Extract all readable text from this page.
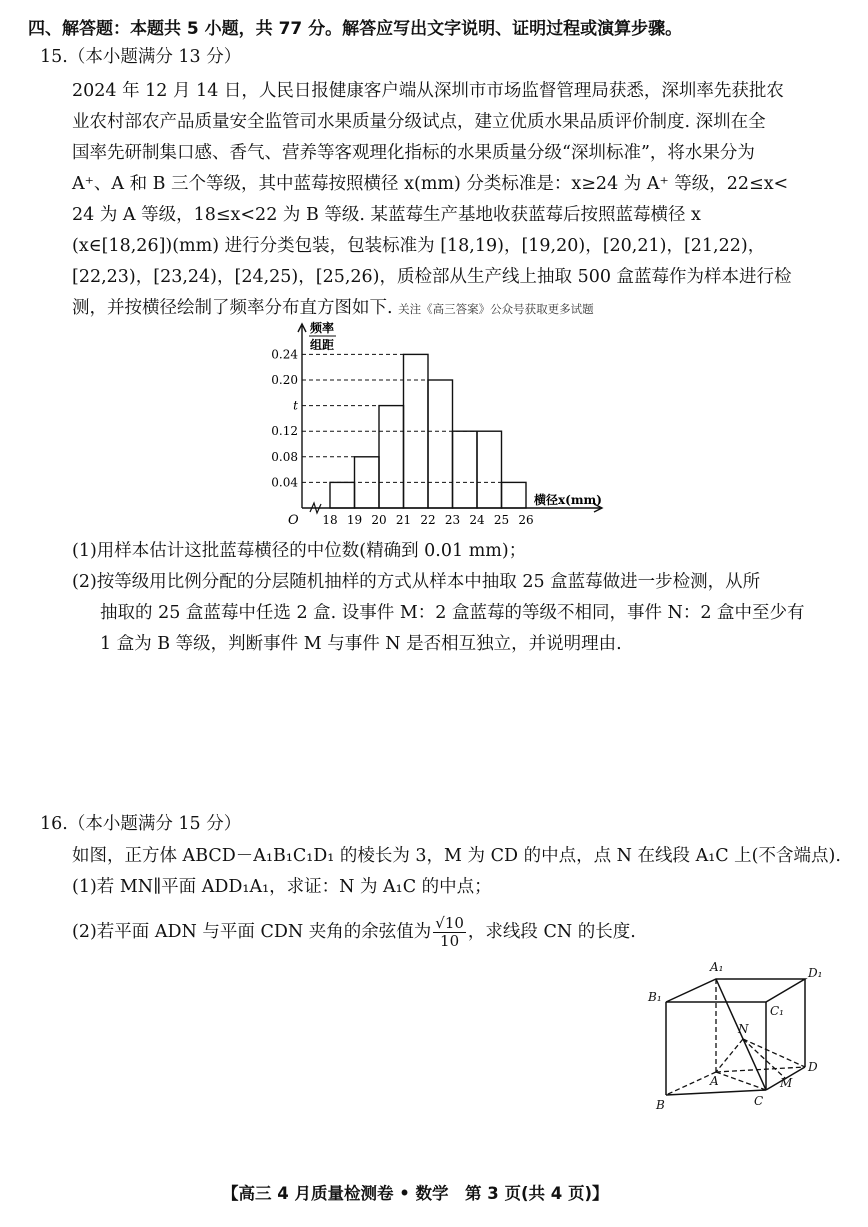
四、解答题：本题共 5 小题，共 77 分。解答应写出文字说明、证明过程或演算步骤。
15.（本小题满分 13 分）
2024 年 12 月 14 日，人民日报健康客户端从深圳市市场监督管理局获悉，深圳率先获批农
业农村部农产品质量安全监管司水果质量分级试点，建立优质水果品质评价制度. 深圳在全
国率先研制集口感、香气、营养等客观理化指标的水果质量分级“深圳标准”，将水果分为
A⁺、A 和 B 三个等级，其中蓝莓按照横径 x(mm) 分类标准是：x≥24 为 A⁺ 等级，22≤x<
24 为 A 等级，18≤x<22 为 B 等级. 某蓝莓生产基地收获蓝莓后按照蓝莓横径 x
(x∈[18,26])(mm) 进行分类包装，包装标准为 [18,19)，[19,20)，[20,21)，[21,22)，
[22,23)，[23,24)，[24,25)，[25,26)，质检部从生产线上抽取 500 盒蓝莓作为样本进行检
测，并按横径绘制了频率分布直方图如下. 关注《高三答案》公众号获取更多试题
0.04
0.08
t
0.12
0.20
0.24
18 19 20 21 22 23 24 25 26
O
频率
组距
横径x(mm)
(1)用样本估计这批蓝莓横径的中位数(精确到 0.01 mm)；
(2)按等级用比例分配的分层随机抽样的方式从样本中抽取 25 盒蓝莓做进一步检测，从所
抽取的 25 盒蓝莓中任选 2 盒. 设事件 M：2 盒蓝莓的等级不相同，事件 N：2 盒中至少有
1 盒为 B 等级，判断事件 M 与事件 N 是否相互独立，并说明理由.
16.（本小题满分 15 分）
如图，正方体 ABCD－A₁B₁C₁D₁ 的棱长为 3，M 为 CD 的中点，点 N 在线段 A₁C 上(不含端点).
(1)若 MN∥平面 ADD₁A₁，求证：N 为 A₁C 的中点；
(2)若平面 ADN 与平面 CDN 夹角的余弦值为 $\frac{√10}{10}$ ，求线段 CN 的长度.
A₁
B₁
C₁
D₁
A
B	C
D
M
N
【高三 4 月质量检测卷 • 数学　第 3 页(共 4 页)】
